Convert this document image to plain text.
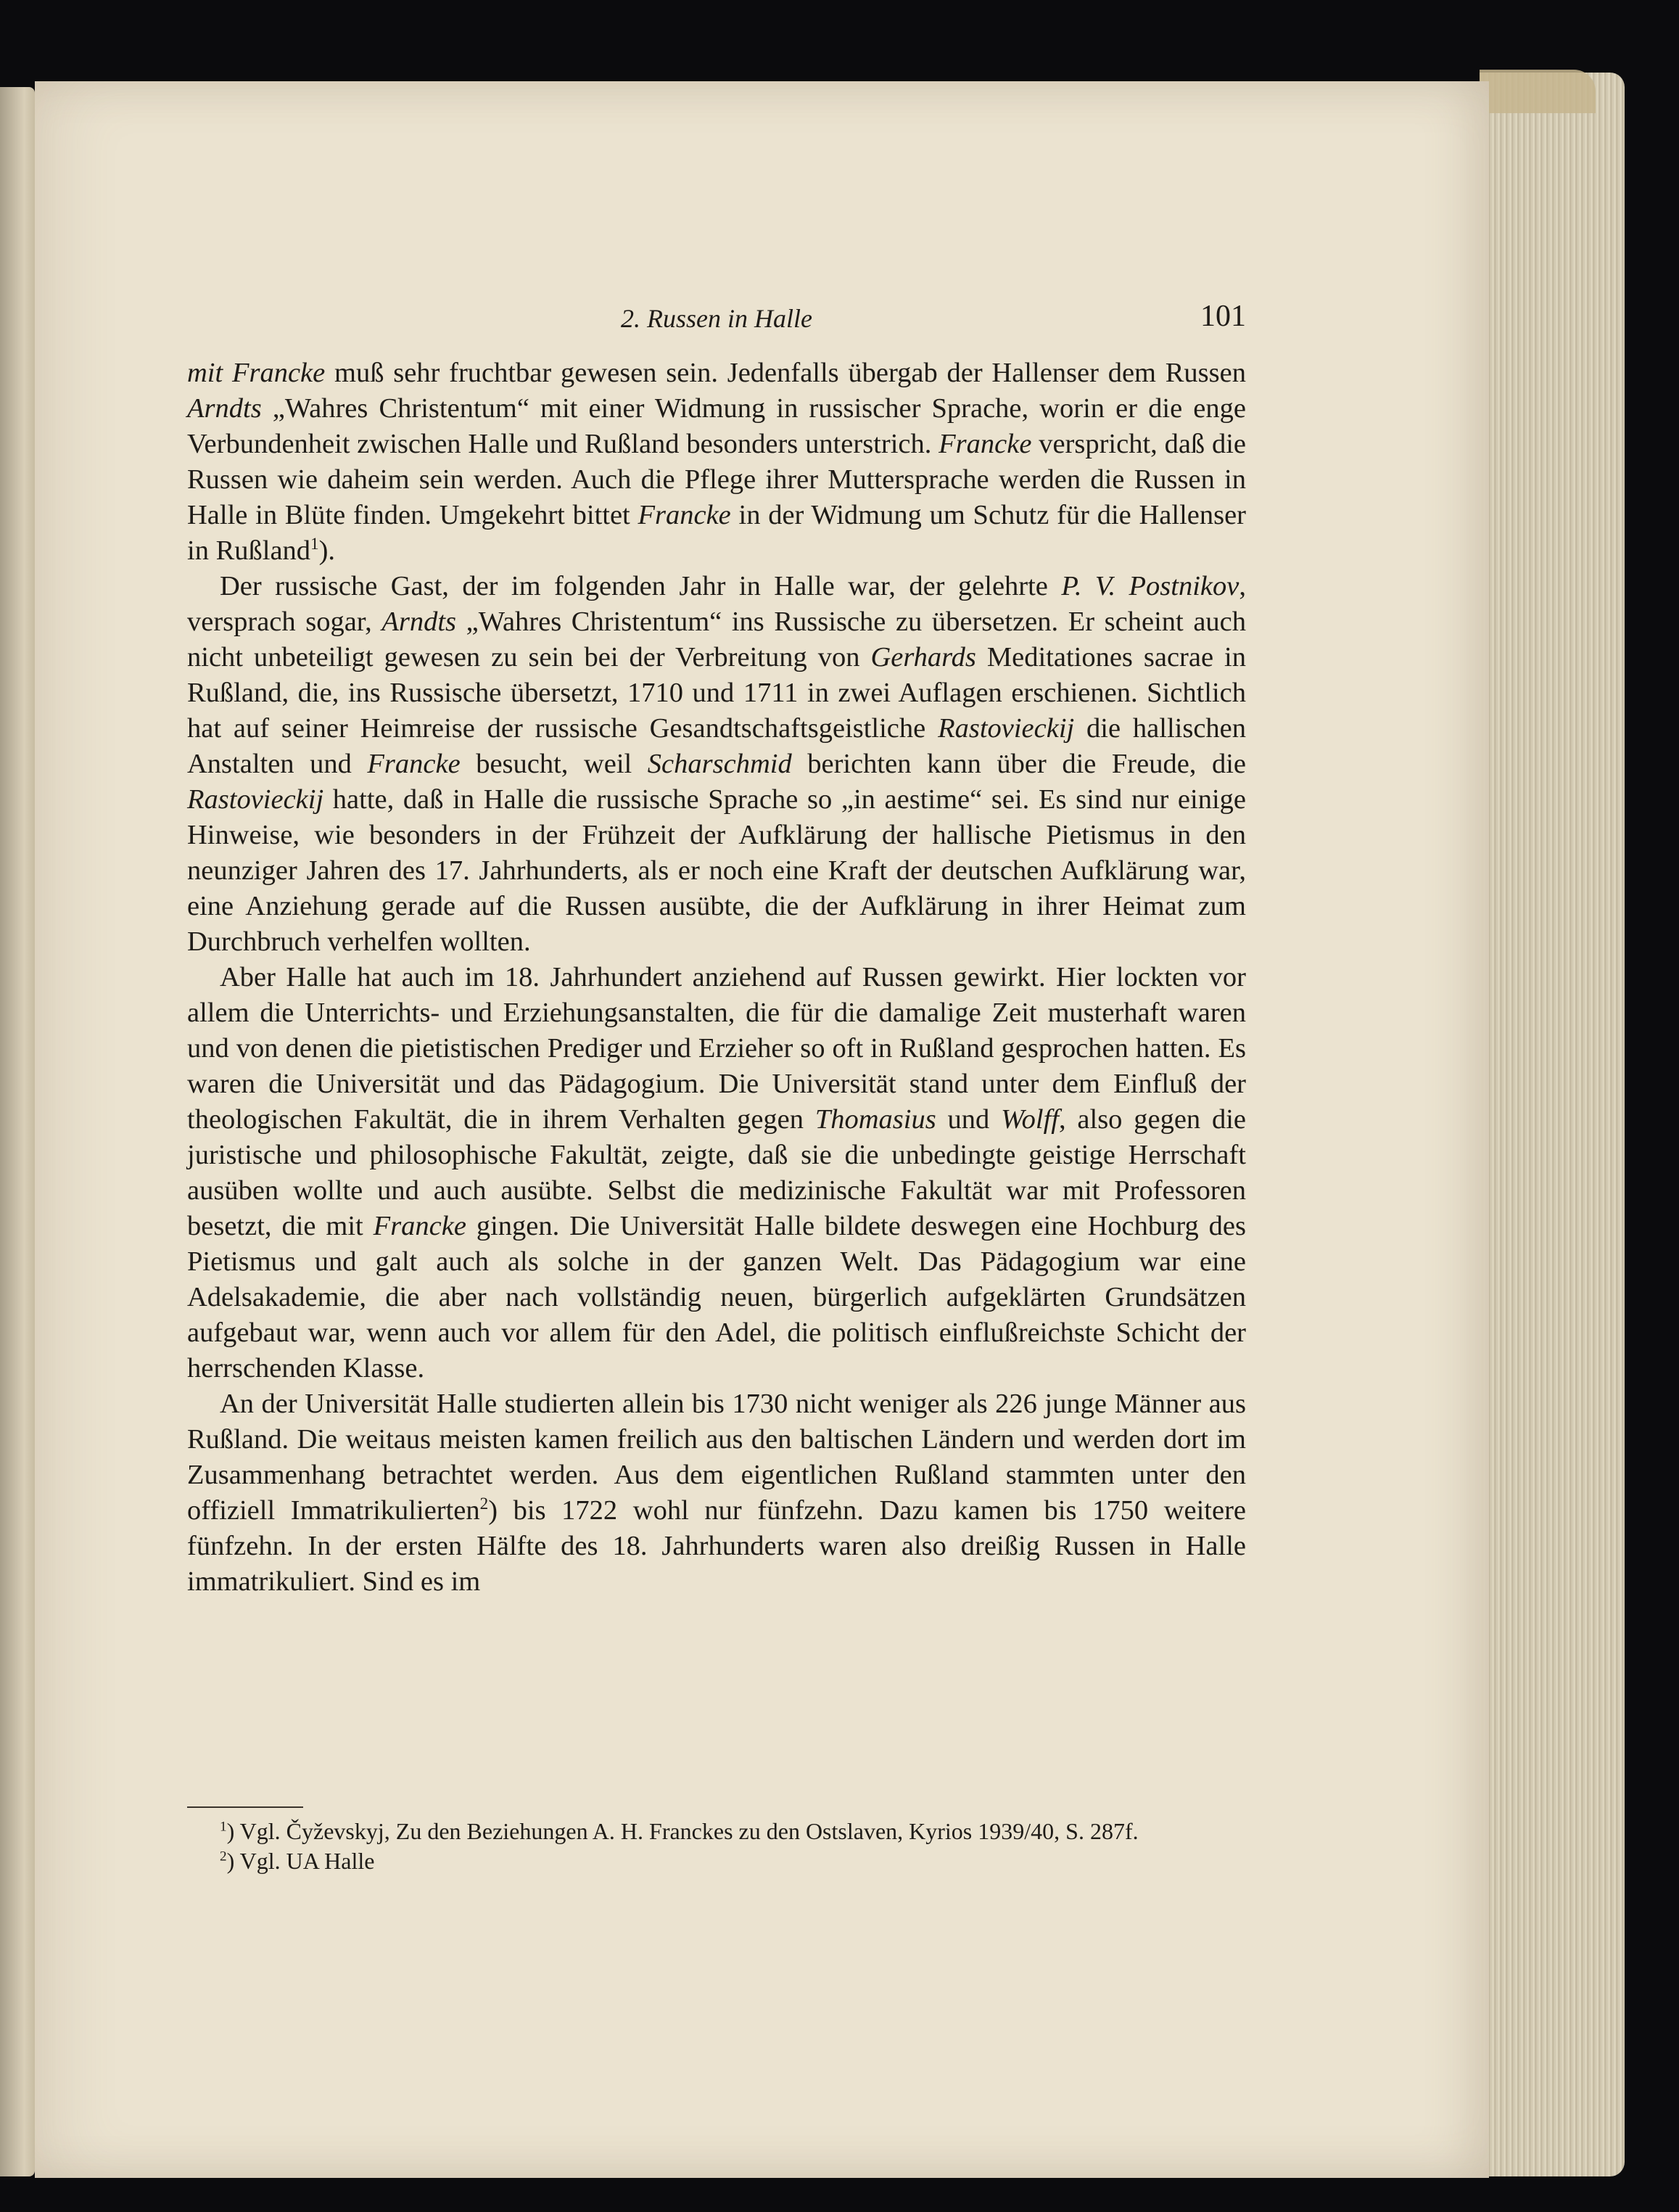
2. Russen in Halle	101

mit Francke muß sehr fruchtbar gewesen sein. Jedenfalls übergab der Hallenser dem Russen Arndts „Wahres Christentum“ mit einer Widmung in russischer Sprache, worin er die enge Verbundenheit zwischen Halle und Rußland besonders unterstrich. Francke verspricht, daß die Russen wie daheim sein werden. Auch die Pflege ihrer Muttersprache werden die Russen in Halle in Blüte finden. Umgekehrt bittet Francke in der Widmung um Schutz für die Hallenser in Rußland$^1$).

Der russische Gast, der im folgenden Jahr in Halle war, der gelehrte P. V. Postnikov, versprach sogar, Arndts „Wahres Christentum“ ins Russische zu übersetzen. Er scheint auch nicht unbeteiligt gewesen zu sein bei der Verbreitung von Gerhards Meditationes sacrae in Rußland, die, ins Russische übersetzt, 1710 und 1711 in zwei Auflagen erschienen. Sichtlich hat auf seiner Heimreise der russische Gesandtschaftsgeistliche Rastovieckij die hallischen Anstalten und Francke besucht, weil Scharschmid berichten kann über die Freude, die Rastovieckij hatte, daß in Halle die russische Sprache so „in aestime“ sei. Es sind nur einige Hinweise, wie besonders in der Frühzeit der Aufklärung der hallische Pietismus in den neunziger Jahren des 17. Jahrhunderts, als er noch eine Kraft der deutschen Aufklärung war, eine Anziehung gerade auf die Russen ausübte, die der Aufklärung in ihrer Heimat zum Durchbruch verhelfen wollten.

Aber Halle hat auch im 18. Jahrhundert anziehend auf Russen gewirkt. Hier lockten vor allem die Unterrichts- und Erziehungsanstalten, die für die damalige Zeit musterhaft waren und von denen die pietistischen Prediger und Erzieher so oft in Rußland gesprochen hatten. Es waren die Universität und das Pädagogium. Die Universität stand unter dem Einfluß der theologischen Fakultät, die in ihrem Verhalten gegen Thomasius und Wolff, also gegen die juristische und philosophische Fakultät, zeigte, daß sie die unbedingte geistige Herrschaft ausüben wollte und auch ausübte. Selbst die medizinische Fakultät war mit Professoren besetzt, die mit Francke gingen. Die Universität Halle bildete deswegen eine Hochburg des Pietismus und galt auch als solche in der ganzen Welt. Das Pädagogium war eine Adelsakademie, die aber nach vollständig neuen, bürgerlich aufgeklärten Grundsätzen aufgebaut war, wenn auch vor allem für den Adel, die politisch einflußreichste Schicht der herrschenden Klasse.

An der Universität Halle studierten allein bis 1730 nicht weniger als 226 junge Männer aus Rußland. Die weitaus meisten kamen freilich aus den baltischen Ländern und werden dort im Zusammenhang betrachtet werden. Aus dem eigentlichen Rußland stammten unter den offiziell Immatrikulierten$^2$) bis 1722 wohl nur fünfzehn. Dazu kamen bis 1750 weitere fünfzehn. In der ersten Hälfte des 18. Jahrhunderts waren also dreißig Russen in Halle immatrikuliert. Sind es im

$^1$) Vgl. Čyževskyj, Zu den Beziehungen A. H. Franckes zu den Ostslaven, Kyrios 1939/40, S. 287f.

$^2$) Vgl. UA Halle
